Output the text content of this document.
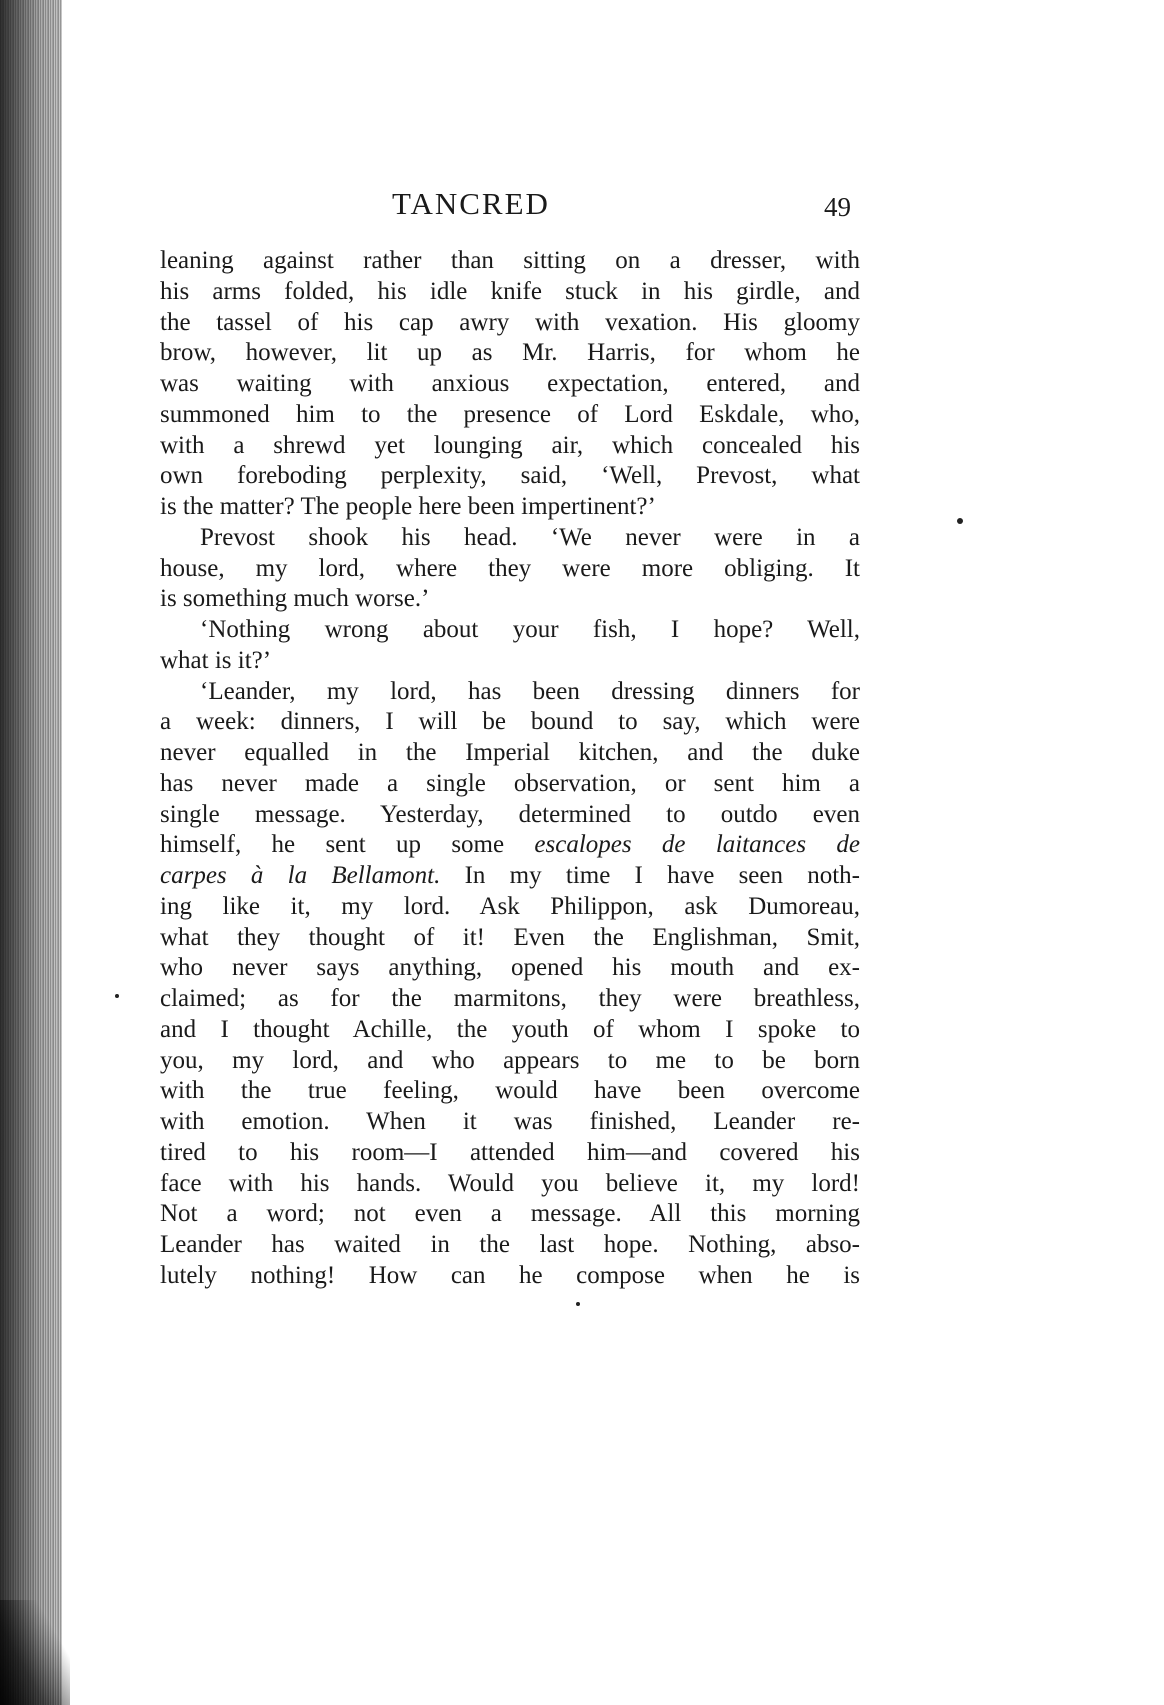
TANCRED	49
leaning against rather than sitting on a dresser, with
his arms folded, his idle knife stuck in his girdle, and
the tassel of his cap awry with vexation. His gloomy
brow, however, lit up as Mr. Harris, for whom he
was waiting with anxious expectation, entered, and
summoned him to the presence of Lord Eskdale, who,
with a shrewd yet lounging air, which concealed his
own foreboding perplexity, said, ‘Well, Prevost, what
is the matter? The people here been impertinent?’
Prevost shook his head. ‘We never were in a
house, my lord, where they were more obliging. It
is something much worse.’
‘Nothing wrong about your fish, I hope? Well,
what is it?’
‘Leander, my lord, has been dressing dinners for
a week: dinners, I will be bound to say, which were
never equalled in the Imperial kitchen, and the duke
has never made a single observation, or sent him a
single message. Yesterday, determined to outdo even
himself, he sent up some escalopes de laitances de
carpes à la Bellamont. In my time I have seen noth-
ing like it, my lord. Ask Philippon, ask Dumoreau,
what they thought of it! Even the Englishman, Smit,
who never says anything, opened his mouth and ex-
claimed; as for the marmitons, they were breathless,
and I thought Achille, the youth of whom I spoke to
you, my lord, and who appears to me to be born
with the true feeling, would have been overcome
with emotion. When it was finished, Leander re-
tired to his room—I attended him—and covered his
face with his hands. Would you believe it, my lord!
Not a word; not even a message. All this morning
Leander has waited in the last hope. Nothing, abso-
lutely nothing! How can he compose when he is
